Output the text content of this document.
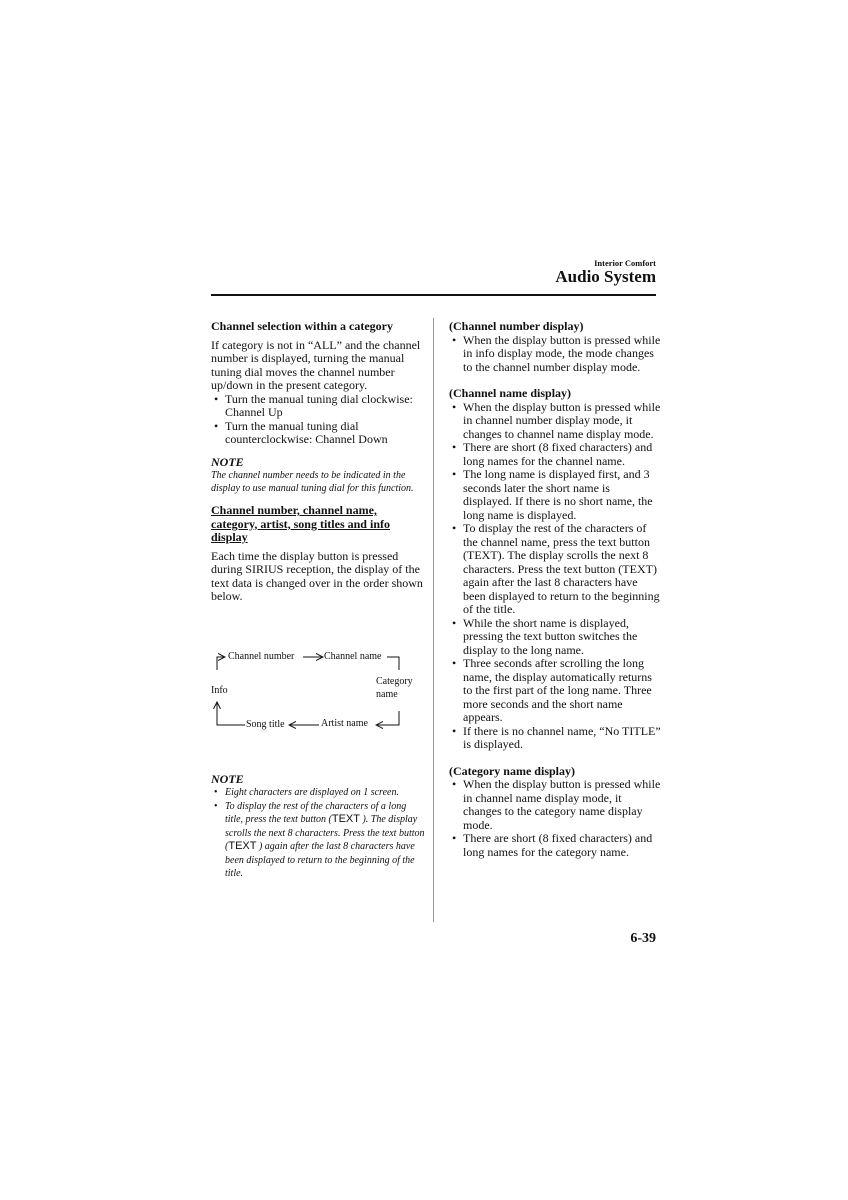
Interior Comfort
Audio System

Channel selection within a category

If category is not in “ALL” and the channel number is displayed, turning the manual tuning dial moves the channel number up/down in the present category.

• Turn the manual tuning dial clockwise: Channel Up
• Turn the manual tuning dial counterclockwise: Channel Down

NOTE

The channel number needs to be indicated in the display to use manual tuning dial for this function.

Channel number, channel name, category, artist, song titles and info display

Each time the display button is pressed during SIRIUS reception, the display of the text data is changed over in the order shown below.

Channel number	Channel name
Info
Category
name
Artist name
Song title

NOTE

• Eight characters are displayed on 1 screen.
• To display the rest of the characters of a long title, press the text button (TEXT ). The display scrolls the next 8 characters. Press the text button (TEXT ) again after the last 8 characters have been displayed to return to the beginning of the title.

(Channel number display)

• When the display button is pressed while in info display mode, the mode changes to the channel number display mode.

(Channel name display)

• When the display button is pressed while in channel number display mode, it changes to channel name display mode.
• There are short (8 fixed characters) and long names for the channel name.
• The long name is displayed first, and 3 seconds later the short name is displayed. If there is no short name, the long name is displayed.
• To display the rest of the characters of the channel name, press the text button (TEXT). The display scrolls the next 8 characters. Press the text button (TEXT) again after the last 8 characters have been displayed to return to the beginning of the title.
• While the short name is displayed, pressing the text button switches the display to the long name.
• Three seconds after scrolling the long name, the display automatically returns to the first part of the long name. Three more seconds and the short name appears.
• If there is no channel name, “No TITLE” is displayed.

(Category name display)

• When the display button is pressed while in channel name display mode, it changes to the category name display mode.
• There are short (8 fixed characters) and long names for the category name.
6-39
